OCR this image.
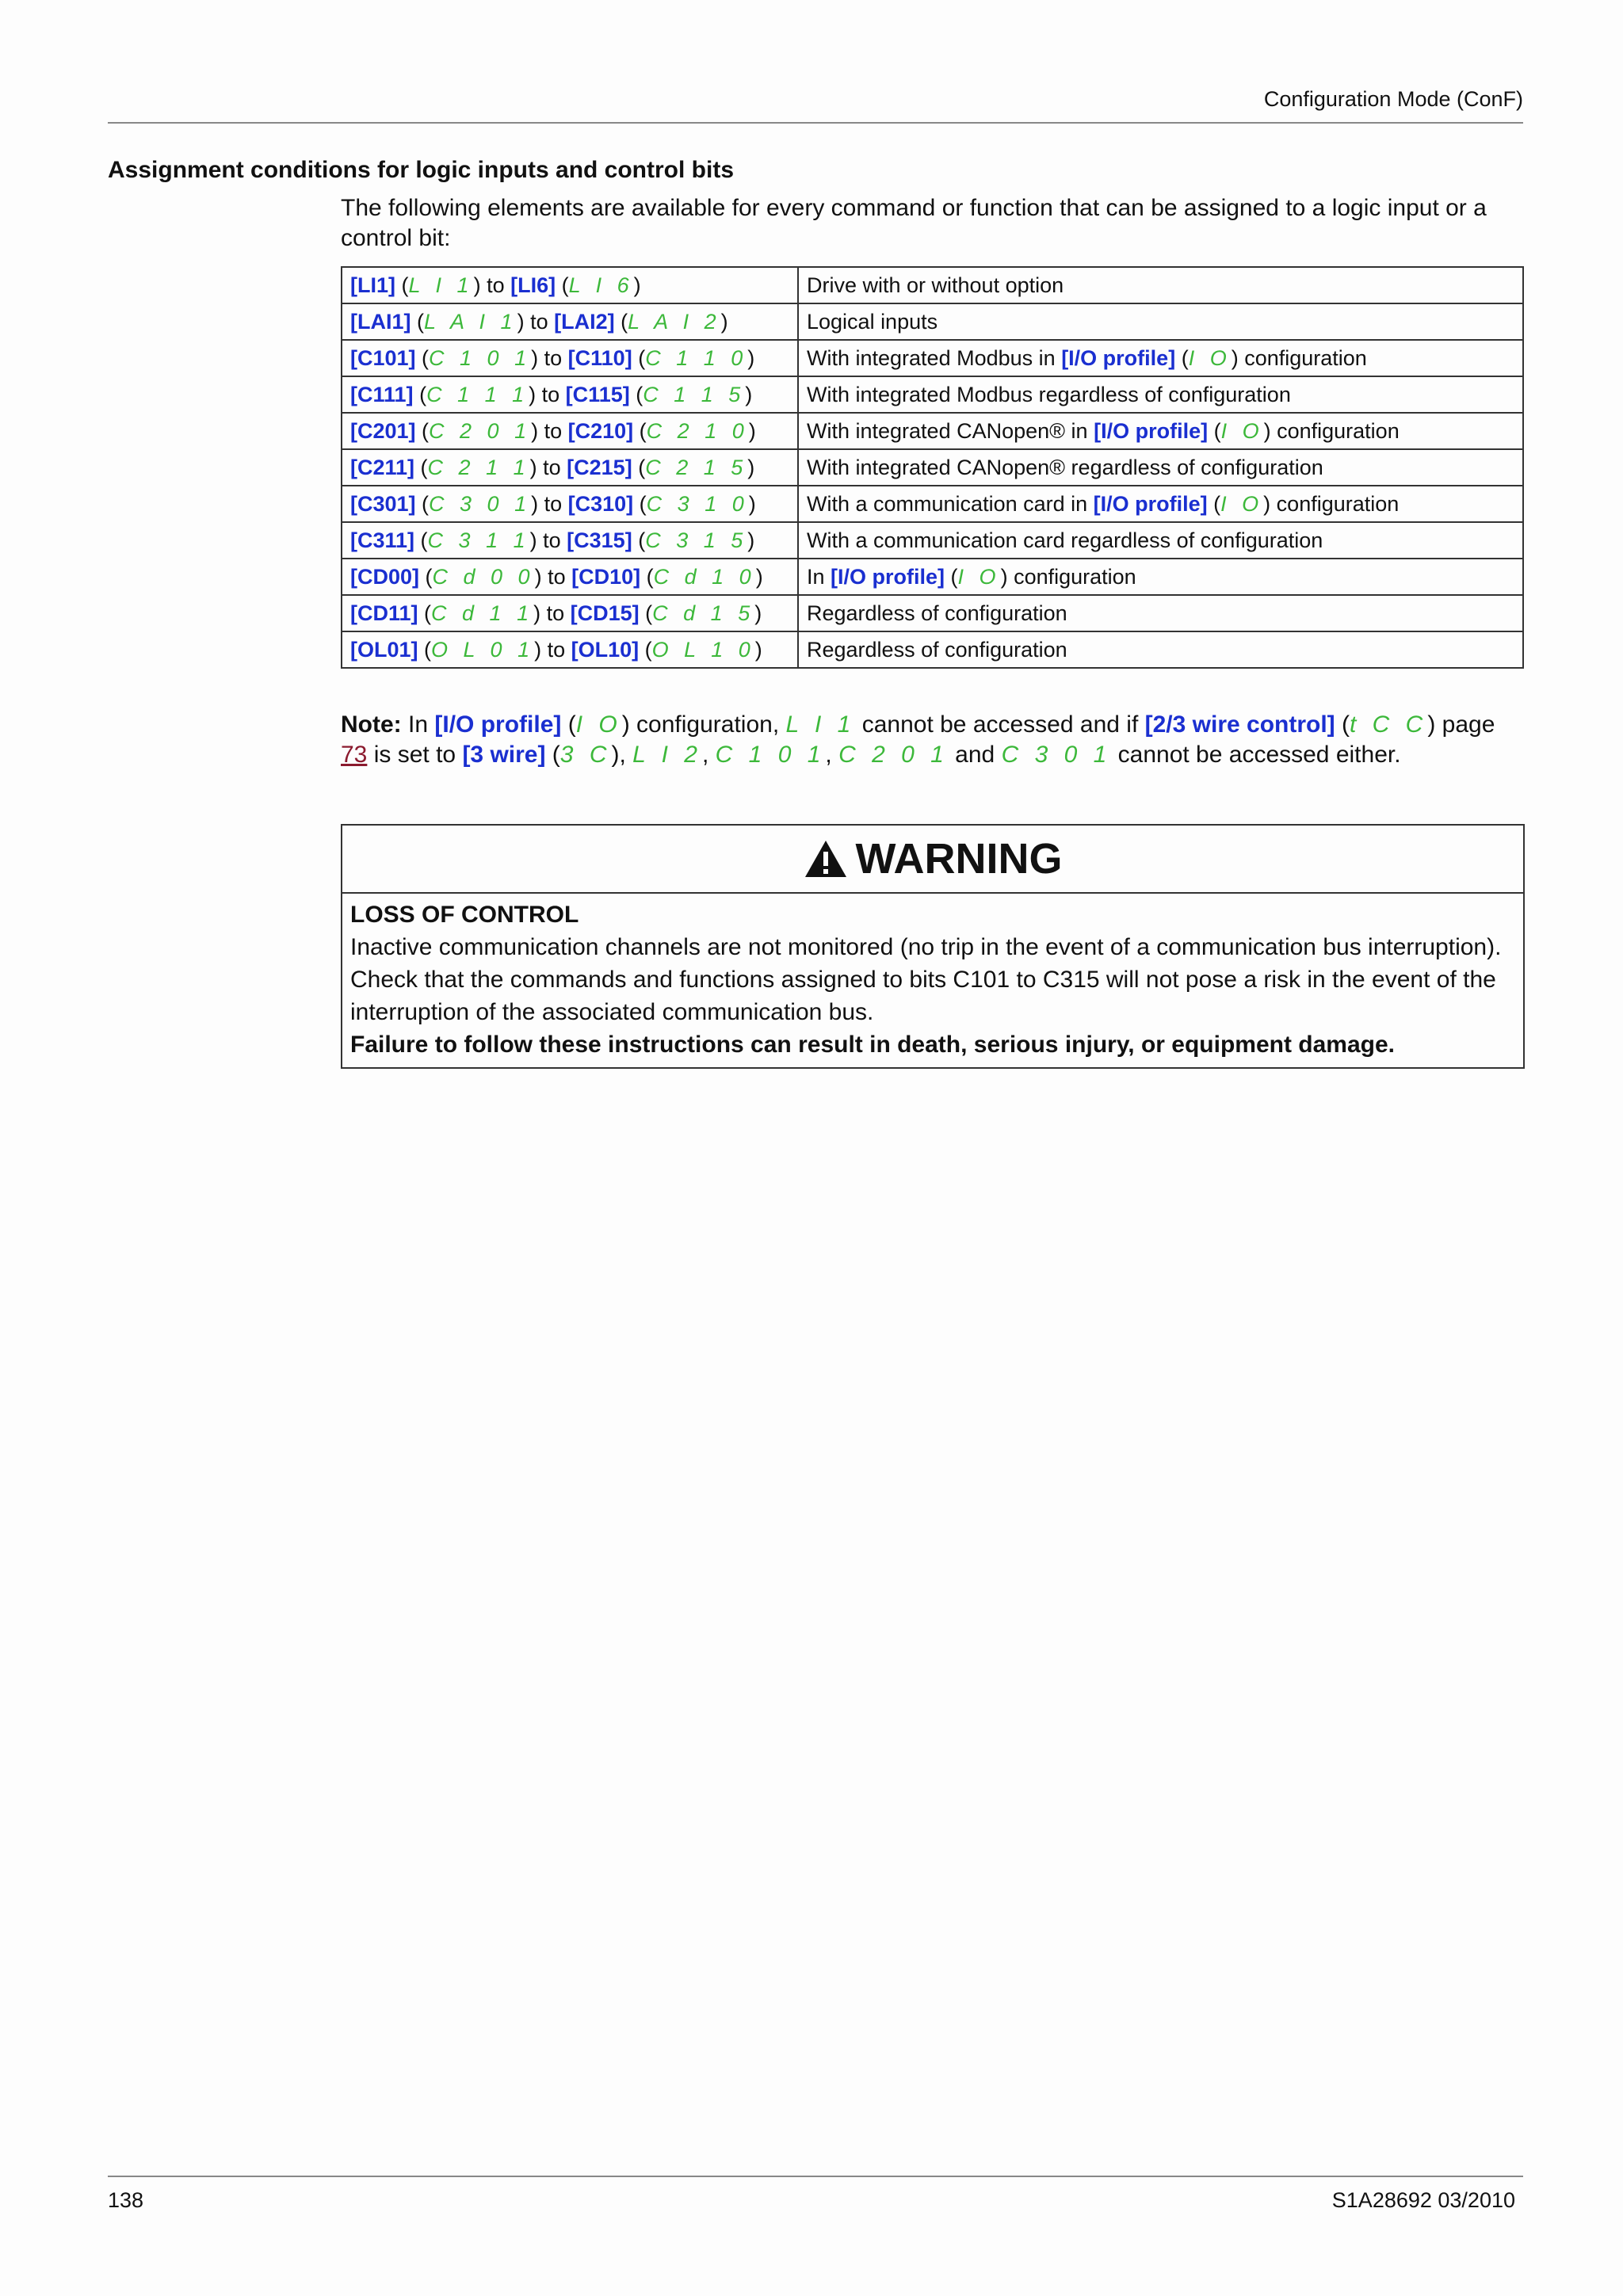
Configuration Mode (ConF)
Assignment conditions for logic inputs and control bits
The following elements are available for every command or function that can be assigned to a logic input or a control bit:
[LI1] (L I 1) to [LI6] (L I 6)	Drive with or without option
[LAI1] (L A I 1) to [LAI2] (L A I 2)	Logical inputs
[C101] (C 1 0 1) to [C110] (C 1 1 0)	With integrated Modbus in [I/O profile] (I O) configuration
[C111] (C 1 1 1) to [C115] (C 1 1 5)	With integrated Modbus regardless of configuration
[C201] (C 2 0 1) to [C210] (C 2 1 0)	With integrated CANopen® in [I/O profile] (I O) configuration
[C211] (C 2 1 1) to [C215] (C 2 1 5)	With integrated CANopen® regardless of configuration
[C301] (C 3 0 1) to [C310] (C 3 1 0)	With a communication card in [I/O profile] (I O) configuration
[C311] (C 3 1 1) to [C315] (C 3 1 5)	With a communication card regardless of configuration
[CD00] (C d 0 0) to [CD10] (C d 1 0)	In [I/O profile] (I O) configuration
[CD11] (C d 1 1) to [CD15] (C d 1 5)	Regardless of configuration
[OL01] (O L 0 1) to [OL10] (O L 1 0)	Regardless of configuration
Note: In [I/O profile] (I O) configuration, L I 1 cannot be accessed and if [2/3 wire control] (t C C) page 73 is set to [3 wire] (3 C), L I 2, C 1 0 1, C 2 0 1 and C 3 0 1 cannot be accessed either.
WARNING
LOSS OF CONTROL
Inactive communication channels are not monitored (no trip in the event of a communication bus interruption).
Check that the commands and functions assigned to bits C101 to C315 will not pose a risk in the event of the interruption of the associated communication bus.
Failure to follow these instructions can result in death, serious injury, or equipment damage.
138	S1A28692 03/2010
